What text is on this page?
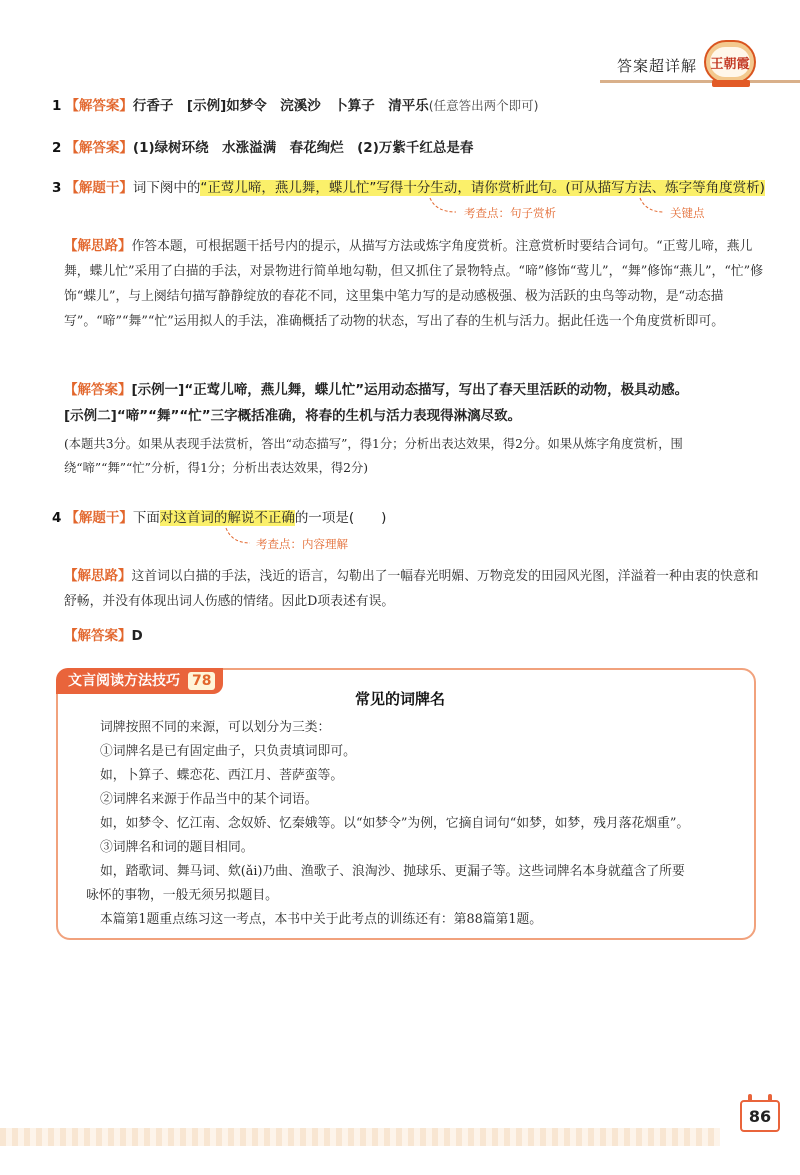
答案超详解 王朝霞
1 【解答案】行香子　[示例]如梦令　浣溪沙　卜算子　清平乐(任意答出两个即可)
2 【解答案】(1)绿树环绕　水涨溢满　春花绚烂　(2)万紫千红总是春
3 【解题干】词下阕中的“正莺儿啼，燕儿舞，蝶儿忙”写得十分生动，请你赏析此句。(可从描写方法、炼字等角度赏析)
考查点：句子赏析	关键点
【解思路】作答本题，可根据题干括号内的提示，从描写方法或炼字角度赏析。注意赏析时要结合词句。“正莺儿啼，燕儿舞，蝶儿忙”采用了白描的手法，对景物进行简单地勾勒，但又抓住了景物特点。“啼”修饰“莺儿”，“舞”修饰“燕儿”，“忙”修饰“蝶儿”，与上阕结句描写静静绽放的春花不同，这里集中笔力写的是动感极强、极为活跃的虫鸟等动物，是“动态描写”。“啼”“舞”“忙”运用拟人的手法，准确概括了动物的状态，写出了春的生机与活力。据此任选一个角度赏析即可。
【解答案】[示例一]“正莺儿啼，燕儿舞，蝶儿忙”运用动态描写，写出了春天里活跃的动物，极具动感。
[示例二]“啼”“舞”“忙”三字概括准确，将春的生机与活力表现得淋漓尽致。
(本题共3分。如果从表现手法赏析，答出“动态描写”，得1分；分析出表达效果，得2分。如果从炼字角度赏析，围绕“啼”“舞”“忙”分析，得1分；分析出表达效果，得2分)
4 【解题干】下面对这首词的解说不正确的一项是(　　)
考查点：内容理解
【解思路】这首词以白描的手法，浅近的语言，勾勒出了一幅春光明媚、万物竞发的田园风光图，洋溢着一种由衷的快意和舒畅，并没有体现出词人伤感的情绪。因此D项表述有误。
【解答案】D
文言阅读方法技巧 78
常见的词牌名
词牌按照不同的来源，可以划分为三类：
①词牌名是已有固定曲子，只负责填词即可。
如，卜算子、蝶恋花、西江月、菩萨蛮等。
②词牌名来源于作品当中的某个词语。
如，如梦令、忆江南、念奴娇、忆秦娥等。以“如梦令”为例，它摘自词句“如梦，如梦，残月落花烟重”。
③词牌名和词的题目相同。
如，踏歌词、舞马词、欸(ǎi)乃曲、渔歌子、浪淘沙、抛球乐、更漏子等。这些词牌名本身就蕴含了所要
咏怀的事物，一般无须另拟题目。
本篇第1题重点练习这一考点，本书中关于此考点的训练还有：第88篇第1题。
86
